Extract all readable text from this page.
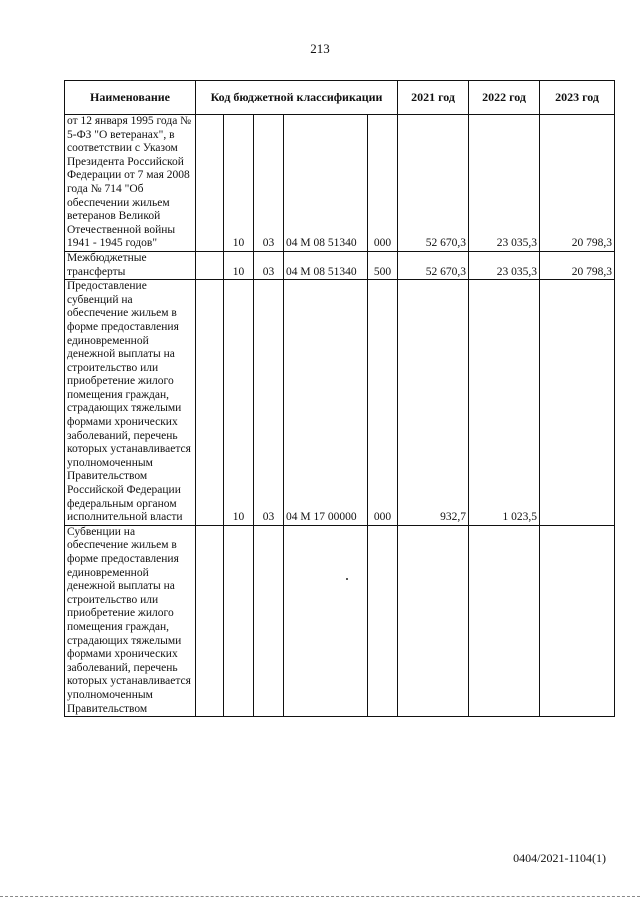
213
Наименование	Код бюджетной классификации					2021 год	2022 год	2023 год
от 12 января 1995 года № 5-ФЗ "О ветеранах", в соответствии с Указом Президента Российской Федерации от 7 мая 2008 года № 714 "Об обеспечении жильем ветеранов Великой Отечественной войны 1941 - 1945 годов"		10	03	04 М 08 51340	000	52 670,3	23 035,3	20 798,3
Межбюджетные трансферты		10	03	04 М 08 51340	500	52 670,3	23 035,3	20 798,3
Предоставление субвенций на обеспечение жильем в форме предоставления единовременной денежной выплаты на строительство или приобретение жилого помещения граждан, страдающих тяжелыми формами хронических заболеваний, перечень которых устанавливается уполномоченным Правительством Российской Федерации федеральным органом исполнительной власти		10	03	04 М 17 00000	000	932,7	1 023,5	
Субвенции на обеспечение жильем в форме предоставления единовременной денежной выплаты на строительство или приобретение жилого помещения граждан, страдающих тяжелыми формами хронических заболеваний, перечень которых устанавливается уполномоченным Правительством								
0404/2021-1104(1)
